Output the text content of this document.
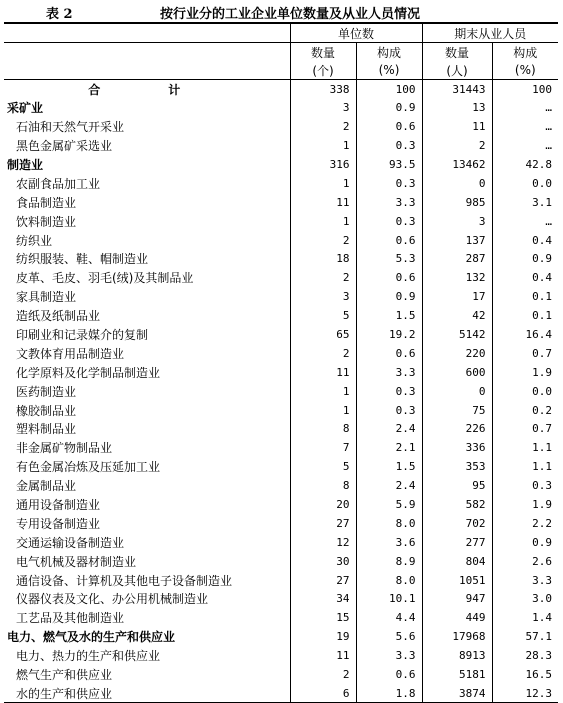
表 2	按行业分的工业企业单位数量及从业人员情况
	单位数		期末从业人员	
	数量	构成	数量	构成
	(个)	(%)	(人)	(%)
合　计	338	100	31443	100
采矿业	3	0.9	13	…
石油和天然气开采业	2	0.6	11	…
黑色金属矿采选业	1	0.3	2	…
制造业	316	93.5	13462	42.8
农副食品加工业	1	0.3	0	0.0
食品制造业	11	3.3	985	3.1
饮料制造业	1	0.3	3	…
纺织业	2	0.6	137	0.4
纺织服装、鞋、帽制造业	18	5.3	287	0.9
皮革、毛皮、羽毛(绒)及其制品业	2	0.6	132	0.4
家具制造业	3	0.9	17	0.1
造纸及纸制品业	5	1.5	42	0.1
印刷业和记录媒介的复制	65	19.2	5142	16.4
文教体育用品制造业	2	0.6	220	0.7
化学原料及化学制品制造业	11	3.3	600	1.9
医药制造业	1	0.3	0	0.0
橡胶制品业	1	0.3	75	0.2
塑料制品业	8	2.4	226	0.7
非金属矿物制品业	7	2.1	336	1.1
有色金属冶炼及压延加工业	5	1.5	353	1.1
金属制品业	8	2.4	95	0.3
通用设备制造业	20	5.9	582	1.9
专用设备制造业	27	8.0	702	2.2
交通运输设备制造业	12	3.6	277	0.9
电气机械及器材制造业	30	8.9	804	2.6
通信设备、计算机及其他电子设备制造业	27	8.0	1051	3.3
仪器仪表及文化、办公用机械制造业	34	10.1	947	3.0
工艺品及其他制造业	15	4.4	449	1.4
电力、燃气及水的生产和供应业	19	5.6	17968	57.1
电力、热力的生产和供应业	11	3.3	8913	28.3
燃气生产和供应业	2	0.6	5181	16.5
水的生产和供应业	6	1.8	3874	12.3
